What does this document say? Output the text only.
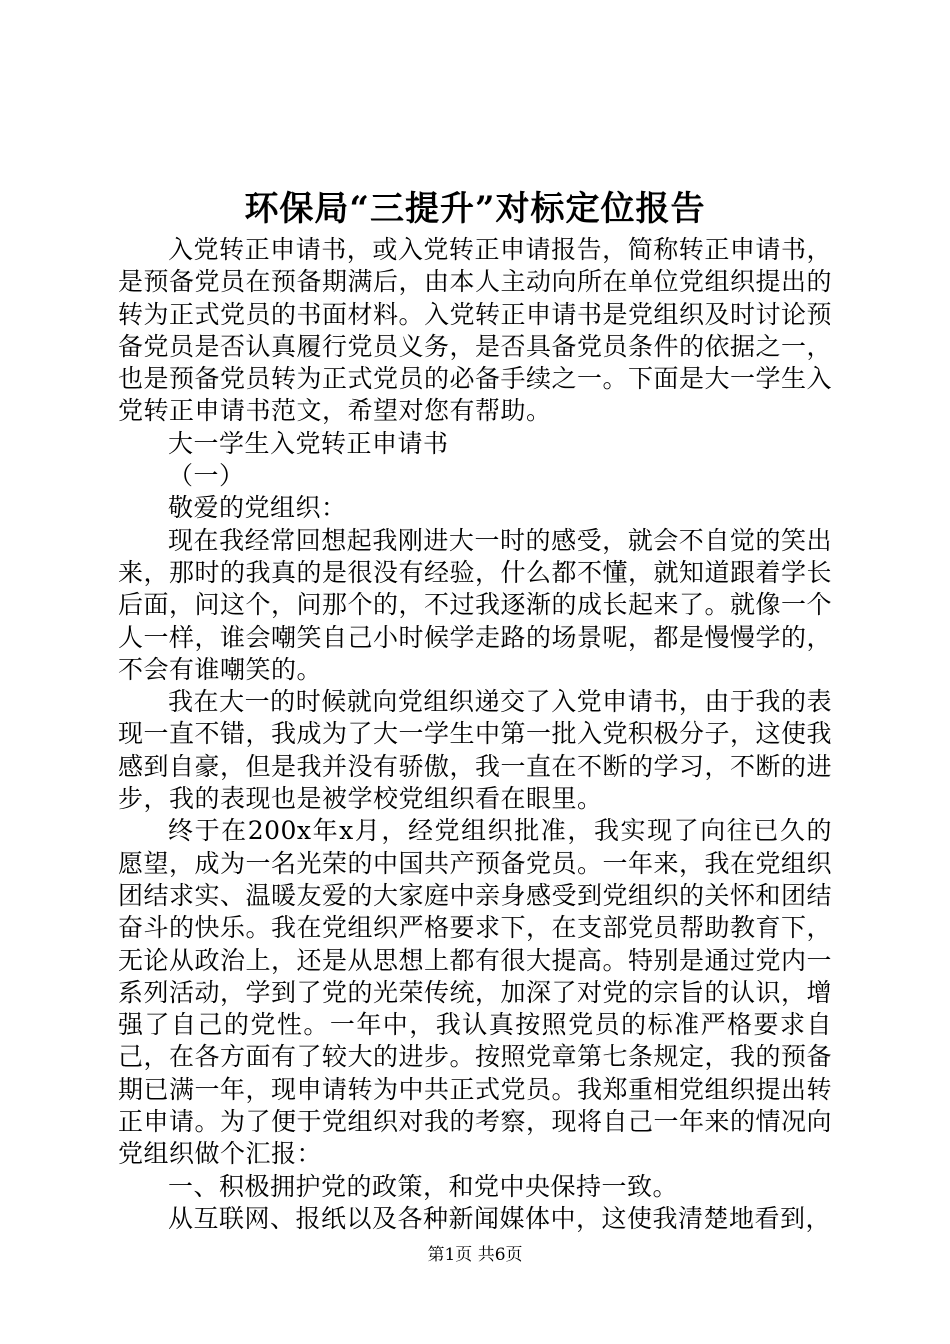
环保局“三提升”对标定位报告

入党转正申请书，或入党转正申请报告，简称转正申请书，是预备党员在预备期满后，由本人主动向所在单位党组织提出的转为正式党员的书面材料。入党转正申请书是党组织及时讨论预备党员是否认真履行党员义务，是否具备党员条件的依据之一，也是预备党员转为正式党员的必备手续之一。下面是大一学生入党转正申请书范文，希望对您有帮助。

大一学生入党转正申请书

（一）

敬爱的党组织：

现在我经常回想起我刚进大一时的感受，就会不自觉的笑出来，那时的我真的是很没有经验，什么都不懂，就知道跟着学长后面，问这个，问那个的，不过我逐渐的成长起来了。就像一个人一样，谁会嘲笑自己小时候学走路的场景呢，都是慢慢学的，不会有谁嘲笑的。

我在大一的时候就向党组织递交了入党申请书，由于我的表现一直不错，我成为了大一学生中第一批入党积极分子，这使我感到自豪，但是我并没有骄傲，我一直在不断的学习，不断的进步，我的表现也是被学校党组织看在眼里。

终于在200x年x月，经党组织批准，我实现了向往已久的愿望，成为一名光荣的中国共产预备党员。一年来，我在党组织团结求实、温暖友爱的大家庭中亲身感受到党组织的关怀和团结奋斗的快乐。我在党组织严格要求下，在支部党员帮助教育下，无论从政治上，还是从思想上都有很大提高。特别是通过党内一系列活动，学到了党的光荣传统，加深了对党的宗旨的认识，增强了自己的党性。一年中，我认真按照党员的标准严格要求自己，在各方面有了较大的进步。按照党章第七条规定，我的预备期已满一年，现申请转为中共正式党员。我郑重相党组织提出转正申请。为了便于党组织对我的考察，现将自己一年来的情况向党组织做个汇报：

一、积极拥护党的政策，和党中央保持一致。

从互联网、报纸以及各种新闻媒体中，这使我清楚地看到，

第1页 共6页
